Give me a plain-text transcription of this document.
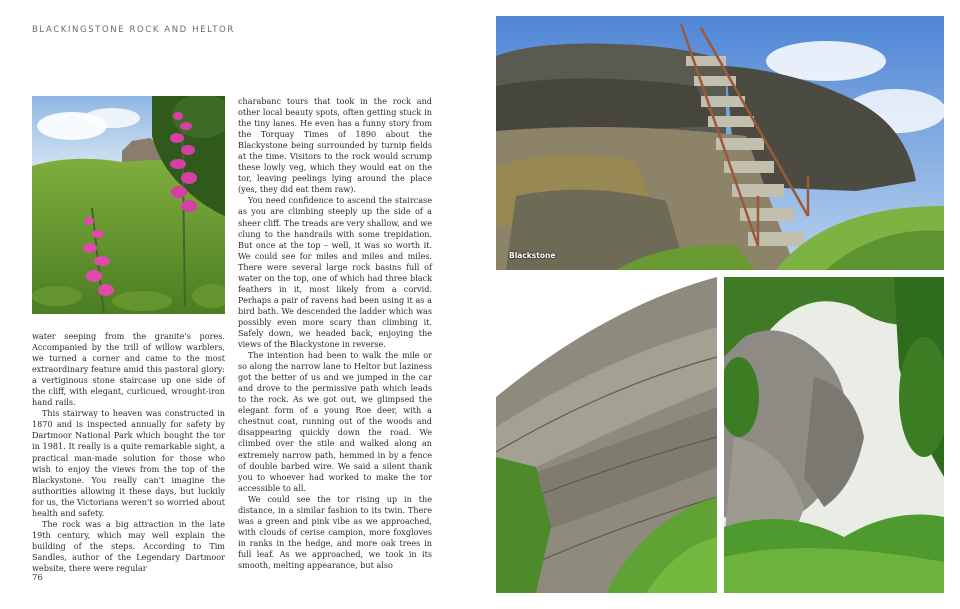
BLACKINGSTONE ROCK AND HELTOR

water seeping from the granite's pores. Accompanied by the trill of willow warblers, we turned a corner and came to the most extraordinary feature amid this pastoral glory: a vertiginous stone staircase up one side of the cliff, with elegant, curlicued, wrought-iron hand rails.

This stairway to heaven was constructed in 1870 and is inspected annually for safety by Dartmoor National Park which bought the tor in 1981. It really is a quite remarkable sight, a practical man-made solution for those who wish to enjoy the views from the top of the Blackystone. You really can't imagine the authorities allowing it these days, but luckily for us, the Victorians weren't so worried about health and safety.

The rock was a big attraction in the late 19th century, which may well explain the building of the steps. According to Tim Sandles, author of the Legendary Dartmoor website, there were regular

charabanc tours that took in the rock and other local beauty spots, often getting stuck in the tiny lanes. He even has a funny story from the Torquay Times of 1890 about the Blackystone being surrounded by turnip fields at the time. Visitors to the rock would scrump these lowly veg, which they would eat on the tor, leaving peelings lying around the place (yes, they did eat them raw).

You need confidence to ascend the staircase as you are climbing steeply up the side of a sheer cliff. The treads are very shallow, and we clung to the handrails with some trepidation. But once at the top – well, it was so worth it. We could see for miles and miles and miles. There were several large rock basins full of water on the top, one of which had three black feathers in it, most likely from a corvid. Perhaps a pair of ravens had been using it as a bird bath. We descended the ladder which was possibly even more scary than climbing it. Safely down, we headed back, enjoying the views of the Blackystone in reverse.

The intention had been to walk the mile or so along the narrow lane to Heltor but laziness got the better of us and we jumped in the car and drove to the permissive path which leads to the rock. As we got out, we glimpsed the elegant form of a young Roe deer, with a chestnut coat, running out of the woods and disappearing quickly down the road. We climbed over the stile and walked along an extremely narrow path, hemmed in by a fence of double barbed wire. We said a silent thank you to whoever had worked to make the tor accessible to all.

We could see the tor rising up in the distance, in a similar fashion to its twin. There was a green and pink vibe as we approached, with clouds of cerise campion, more foxgloves in ranks in the hedge, and more oak trees in full leaf. As we approached, we took in its smooth, melting appearance, but also

76
Blackstone
